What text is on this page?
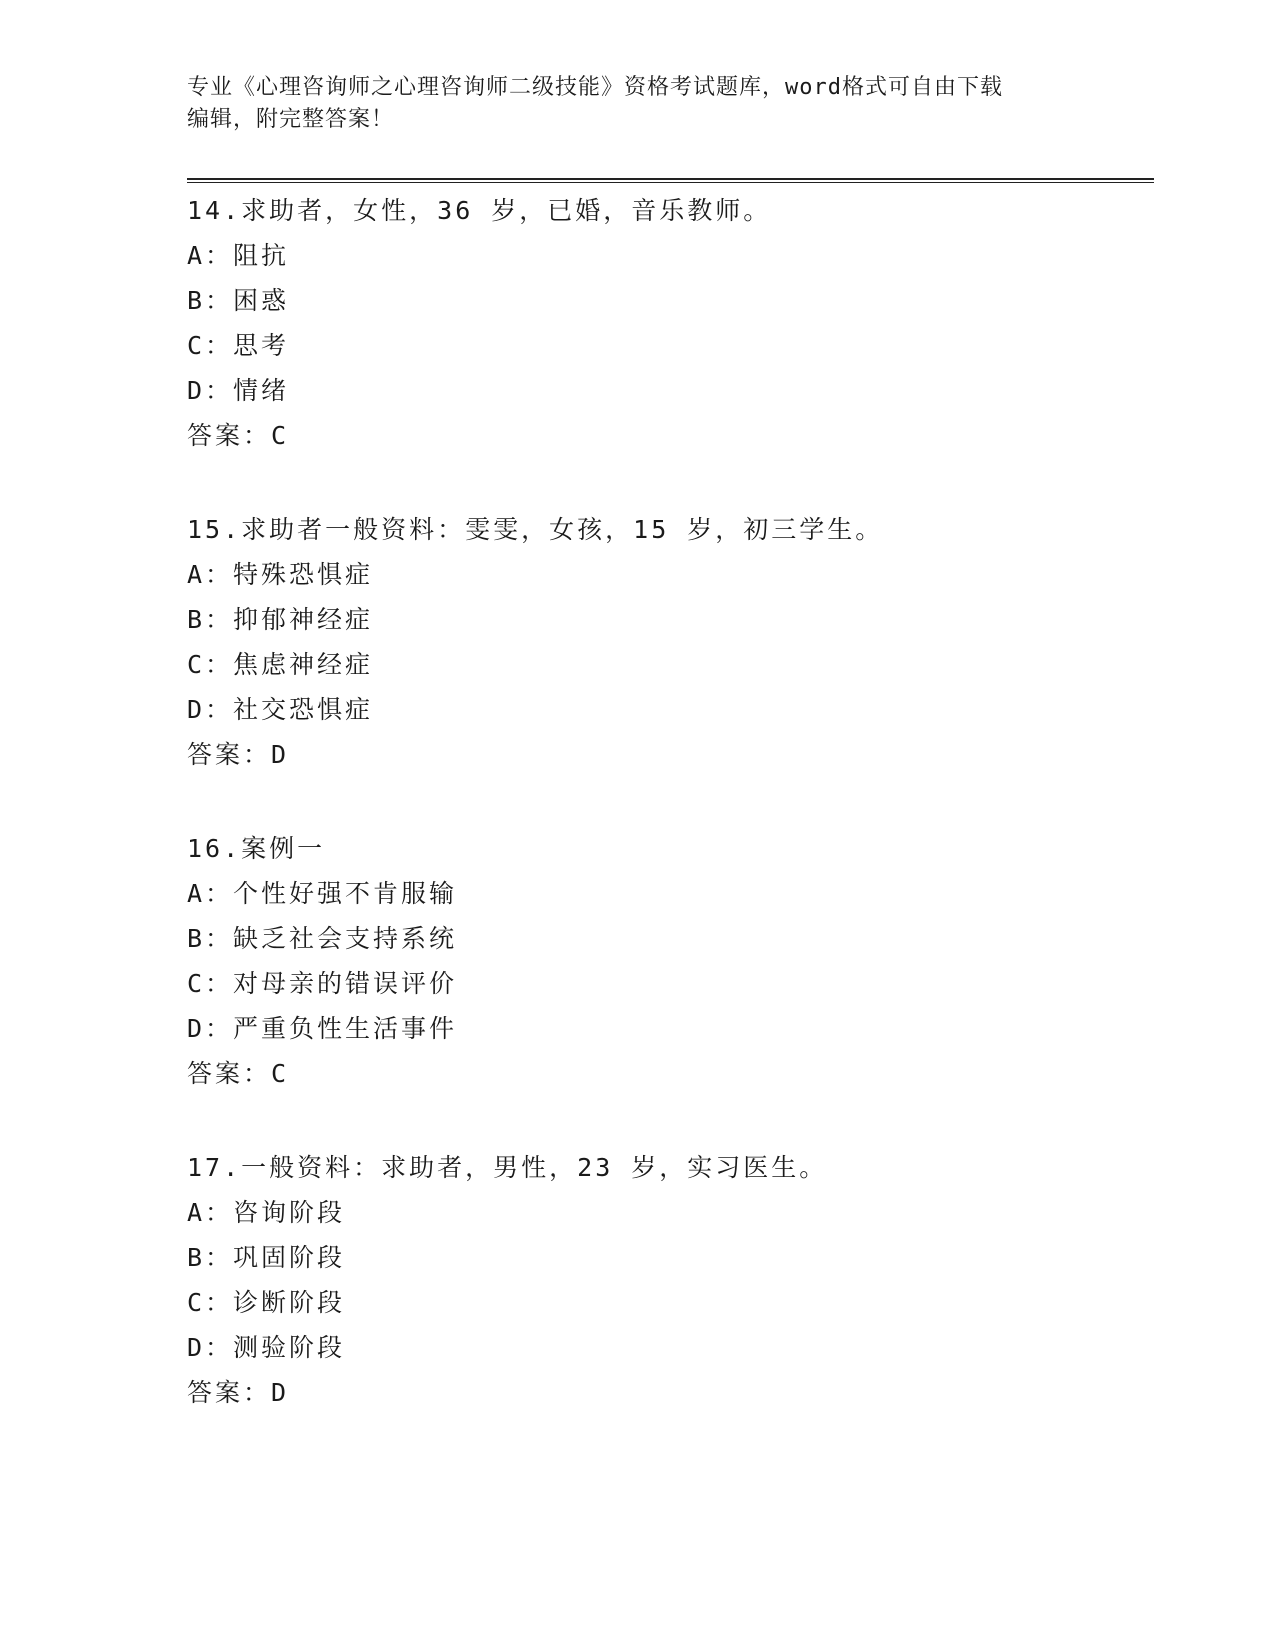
专业《心理咨询师之心理咨询师二级技能》资格考试题库，word格式可自由下载
编辑，附完整答案！
14.求助者，女性，36 岁，已婚，音乐教师。
A：阻抗
B：困惑
C：思考
D：情绪
答案：C
15.求助者一般资料：雯雯，女孩，15 岁，初三学生。
A：特殊恐惧症
B：抑郁神经症
C：焦虑神经症
D：社交恐惧症
答案：D
16.案例一
A：个性好强不肯服输
B：缺乏社会支持系统
C：对母亲的错误评价
D：严重负性生活事件
答案：C
17.一般资料：求助者，男性，23 岁，实习医生。
A：咨询阶段
B：巩固阶段
C：诊断阶段
D：测验阶段
答案：D
